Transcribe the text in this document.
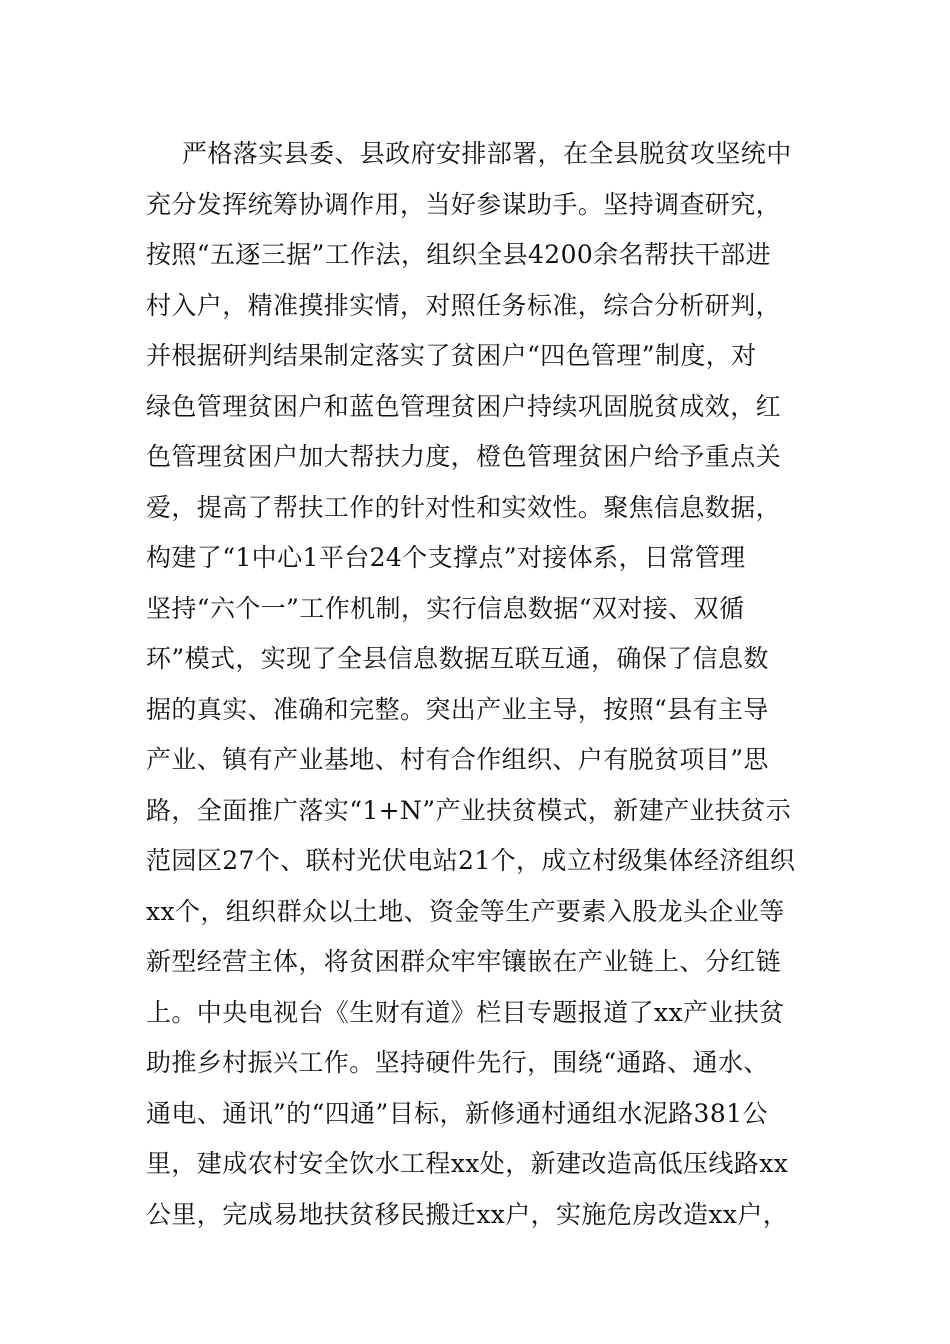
严格落实县委、县政府安排部署，在全县脱贫攻坚统中
充分发挥统筹协调作用，当好参谋助手。坚持调查研究，
按照“五逐三据”工作法，组织全县4200余名帮扶干部进
村入户，精准摸排实情，对照任务标准，综合分析研判，
并根据研判结果制定落实了贫困户“四色管理”制度，对
绿色管理贫困户和蓝色管理贫困户持续巩固脱贫成效，红
色管理贫困户加大帮扶力度，橙色管理贫困户给予重点关
爱，提高了帮扶工作的针对性和实效性。聚焦信息数据，
构建了“1中心1平台24个支撑点”对接体系，日常管理
坚持“六个一”工作机制，实行信息数据“双对接、双循
环”模式，实现了全县信息数据互联互通，确保了信息数
据的真实、准确和完整。突出产业主导，按照“县有主导
产业、镇有产业基地、村有合作组织、户有脱贫项目”思
路，全面推广落实“1+N”产业扶贫模式，新建产业扶贫示
范园区27个、联村光伏电站21个，成立村级集体经济组织
xx个，组织群众以土地、资金等生产要素入股龙头企业等
新型经营主体，将贫困群众牢牢镶嵌在产业链上、分红链
上。中央电视台《生财有道》栏目专题报道了xx产业扶贫
助推乡村振兴工作。坚持硬件先行，围绕“通路、通水、
通电、通讯”的“四通”目标，新修通村通组水泥路381公
里，建成农村安全饮水工程xx处，新建改造高低压线路xx
公里，完成易地扶贫移民搬迁xx户，实施危房改造xx户，
